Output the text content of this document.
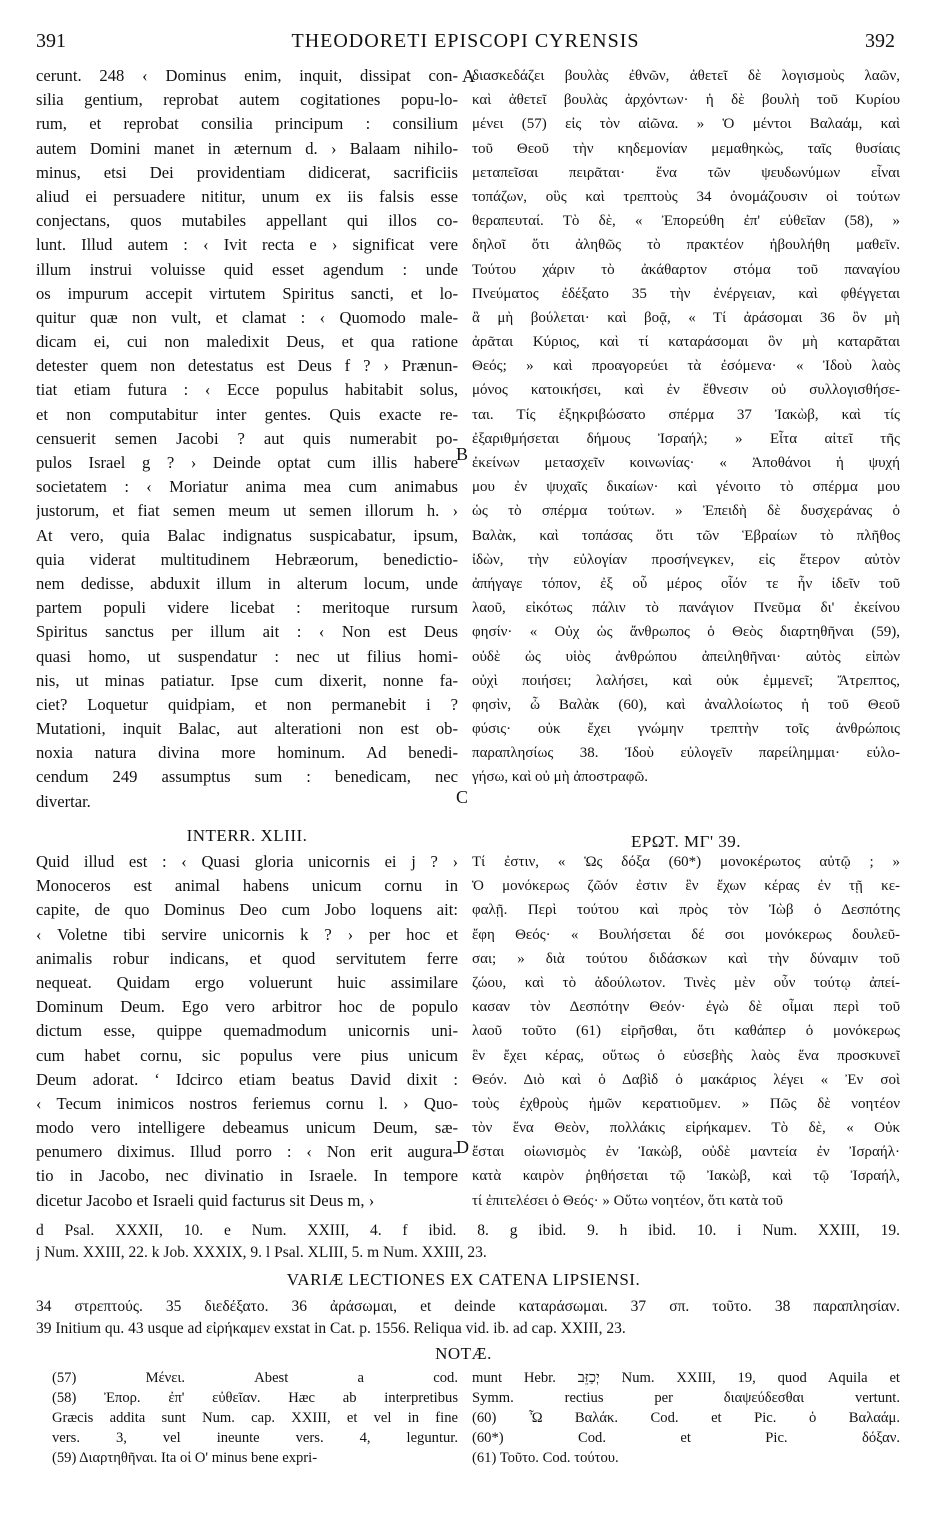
391	THEODORETI EPISCOPI CYRENSIS	392
cerunt. 248 ‹ Dominus enim, inquit, dissipat con-
silia gentium, reprobat autem cogitationes popu-lo-
rum, et reprobat consilia principum : consilium
autem Domini manet in æternum d. › Balaam nihilo-
minus, etsi Dei providentiam didicerat, sacrificiis
aliud ei persuadere nititur, unum ex iis falsis esse
conjectans, quos mutabiles appellant qui illos co-
lunt. Illud autem : ‹ Ivit recta e › significat vere
illum instrui voluisse quid esset agendum : unde
os impurum accepit virtutem Spiritus sancti, et lo-
quitur quæ non vult, et clamat : ‹ Quomodo male-
dicam ei, cui non maledixit Deus, et qua ratione
detester quem non detestatus est Deus f ? › Prænun-
tiat etiam futura : ‹ Ecce populus habitabit solus,
et non computabitur inter gentes. Quis exacte re-
censuerit semen Jacobi ? aut quis numerabit po-
pulos Israel g ? › Deinde optat cum illis habere
societatem : ‹ Moriatur anima mea cum animabus
justorum, et fiat semen meum ut semen illorum h. ›
At vero, quia Balac indignatus suspicabatur, ipsum,
quia viderat multitudinem Hebræorum, benedictio-
nem dedisse, abduxit illum in alterum locum, unde
partem populi videre licebat : meritoque rursum
Spiritus sanctus per illum ait : ‹ Non est Deus
quasi homo, ut suspendatur : nec ut filius homi-
nis, ut minas patiatur. Ipse cum dixerit, nonne fa-
ciet? Loquetur quidpiam, et non permanebit i ?
Mutationi, inquit Balac, aut alterationi non est ob-
noxia natura divina more hominum. Ad benedi-
cendum 249 assumptus sum : benedicam, nec
divertar.
διασκεδάζει βουλὰς ἐθνῶν, ἀθετεῖ δὲ λογισμοὺς λαῶν,
καὶ ἀθετεῖ βουλὰς ἀρχόντων· ἡ δὲ βουλὴ τοῦ Κυρίου
μένει (57) εἰς τὸν αἰῶνα. » Ὁ μέντοι Βαλαάμ, καὶ
τοῦ Θεοῦ τὴν κηδεμονίαν μεμαθηκὼς, ταῖς θυσίαις
μεταπεῖσαι πειρᾶται· ἕνα τῶν ψευδωνύμων εἶναι
τοπάζων, οὓς καὶ τρεπτοὺς 34 ὀνομάζουσιν οἱ τούτων
θεραπευταί. Τὸ δὲ, « Ἐπορεύθη ἐπ' εὐθεῖαν (58), »
δηλοῖ ὅτι ἀληθῶς τὸ πρακτέον ἠβουλήθη μαθεῖν.
Τούτου χάριν τὸ ἀκάθαρτον στόμα τοῦ παναγίου
Πνεύματος ἐδέξατο 35 τὴν ἐνέργειαν, καὶ φθέγγεται
ἃ μὴ βούλεται· καὶ βοᾷ, « Τί ἀράσομαι 36 ὃν μὴ
ἀρᾶται Κύριος, καὶ τί καταράσομαι ὃν μὴ καταρᾶται
Θεός; » καὶ προαγορεύει τὰ ἐσόμενα· « Ἰδοὺ λαὸς
μόνος κατοικήσει, καὶ ἐν ἔθνεσιν οὐ συλλογισθήσε-
ται. Τίς ἐξηκριβώσατο σπέρμα 37 Ἰακὼβ, καὶ τίς
ἐξαριθμήσεται δήμους Ἰσραήλ; » Εἶτα αἰτεῖ τῆς
ἐκείνων μετασχεῖν κοινωνίας· « Ἀποθάνοι ἡ ψυχή
μου ἐν ψυχαῖς δικαίων· καὶ γένοιτο τὸ σπέρμα μου
ὡς τὸ σπέρμα τούτων. » Ἐπειδὴ δὲ δυσχεράνας ὁ
Βαλὰκ, καὶ τοπάσας ὅτι τῶν Ἑβραίων τὸ πλῆθος
ἰδὼν, τὴν εὐλογίαν προσήνεγκεν, εἰς ἕτερον αὐτὸν
ἀπήγαγε τόπον, ἐξ οὗ μέρος οἷόν τε ἦν ἰδεῖν τοῦ
λαοῦ, εἰκότως πάλιν τὸ πανάγιον Πνεῦμα δι' ἐκείνου
φησίν· « Οὐχ ὡς ἄνθρωπος ὁ Θεὸς διαρτηθῆναι (59),
οὐδὲ ὡς υἱὸς ἀνθρώπου ἀπειληθῆναι· αὐτὸς εἰπὼν
οὐχὶ ποιήσει; λαλήσει, καὶ οὐκ ἐμμενεῖ; Ἄτρεπτος,
φησὶν, ὦ Βαλὰκ (60), καὶ ἀναλλοίωτος ἡ τοῦ Θεοῦ
φύσις· οὐκ ἔχει γνώμην τρεπτὴν τοῖς ἀνθρώποις
παραπλησίως 38. Ἰδοὺ εὐλογεῖν παρείλημμαι· εὐλο-
γήσω, καὶ οὐ μὴ ἀποστραφῶ.
A
B
C
D
INTERR. XLIII.	ΕΡΩΤ. ΜΓ' 39.
Quid illud est : ‹ Quasi gloria unicornis ei j ? ›
Monoceros est animal habens unicum cornu in
capite, de quo Dominus Deo cum Jobo loquens ait:
‹ Voletne tibi servire unicornis k ? › per hoc et
animalis robur indicans, et quod servitutem ferre
nequeat. Quidam ergo voluerunt huic assimilare
Dominum Deum. Ego vero arbitror hoc de populo
dictum esse, quippe quemadmodum unicornis uni-
cum habet cornu, sic populus vere pius unicum
Deum adorat. ‘ Idcirco etiam beatus David dixit :
‹ Tecum inimicos nostros feriemus cornu l. › Quo-
modo vero intelligere debeamus unicum Deum, sæ-
penumero diximus. Illud porro : ‹ Non erit augura-
tio in Jacobo, nec divinatio in Israele. In tempore
dicetur Jacobo et Israeli quid facturus sit Deus m, ›
Τί ἐστιν, « Ὡς δόξα (60*) μονοκέρωτος αὐτῷ ; »
Ὁ μονόκερως ζῶόν ἐστιν ἓν ἔχων κέρας ἐν τῇ κε-
φαλῇ. Περὶ τούτου καὶ πρὸς τὸν Ἰὼβ ὁ Δεσπότης
ἔφη Θεός· « Βουλήσεται δέ σοι μονόκερως δουλεῦ-
σαι; » διὰ τούτου διδάσκων καὶ τὴν δύναμιν τοῦ
ζώου, καὶ τὸ ἀδούλωτον. Τινὲς μὲν οὖν τούτῳ ἀπεί-
κασαν τὸν Δεσπότην Θεόν· ἐγὼ δὲ οἶμαι περὶ τοῦ
λαοῦ τοῦτο (61) εἰρῆσθαι, ὅτι καθάπερ ὁ μονόκερως
ἓν ἔχει κέρας, οὕτως ὁ εὐσεβὴς λαὸς ἕνα προσκυνεῖ
Θεόν. Διὸ καὶ ὁ Δαβὶδ ὁ μακάριος λέγει « Ἐν σοὶ
τοὺς ἐχθροὺς ἡμῶν κερατιοῦμεν. » Πῶς δὲ νοητέον
τὸν ἕνα Θεὸν, πολλάκις εἰρήκαμεν. Τὸ δὲ, « Οὐκ
ἔσται οἰωνισμὸς ἐν Ἰακὼβ, οὐδὲ μαντεία ἐν Ἰσραήλ·
κατὰ καιρὸν ῥηθήσεται τῷ Ἰακὼβ, καὶ τῷ Ἰσραήλ,
τί ἐπιτελέσει ὁ Θεός· » Οὕτω νοητέον, ὅτι κατὰ τοῦ
d Psal. XXXII, 10. e Num. XXIII, 4. f ibid. 8. g ibid. 9. h ibid. 10. i Num. XXIII, 19.
j Num. XXIII, 22. k Job. XXXIX, 9. l Psal. XLIII, 5. m Num. XXIII, 23.
VARIÆ LECTIONES EX CATENA LIPSIENSI.
34 στρεπτούς. 35 διεδέξατο. 36 ἀράσωμαι, et deinde καταράσωμαι. 37 σπ. τοῦτο. 38 παραπλησίαν.
39 Initium qu. 43 usque ad εἰρήκαμεν exstat in Cat. p. 1556. Reliqua vid. ib. ad cap. XXIII, 23.
NOTÆ.
(57) Μένει. Abest a cod.
(58) Ἐπορ. ἐπ' εὐθεῖαν. Hæc ab interpretibus
Græcis addita sunt Num. cap. XXIII, et vel in fine
vers. 3, vel ineunte vers. 4, leguntur.
(59) Διαρτηθῆναι. Ita οἱ Ο' minus bene expri-
munt Hebr. יְכַזֵּב Num. XXIII, 19, quod Aquila et
Symm. rectius per διαψεύδεσθαι vertunt.
(60) Ὦ Βαλάκ. Cod. et Pic. ὁ Βαλαάμ.
(60*) Cod. et Pic. δόξαν.
(61) Τοῦτο. Cod. τούτου.
